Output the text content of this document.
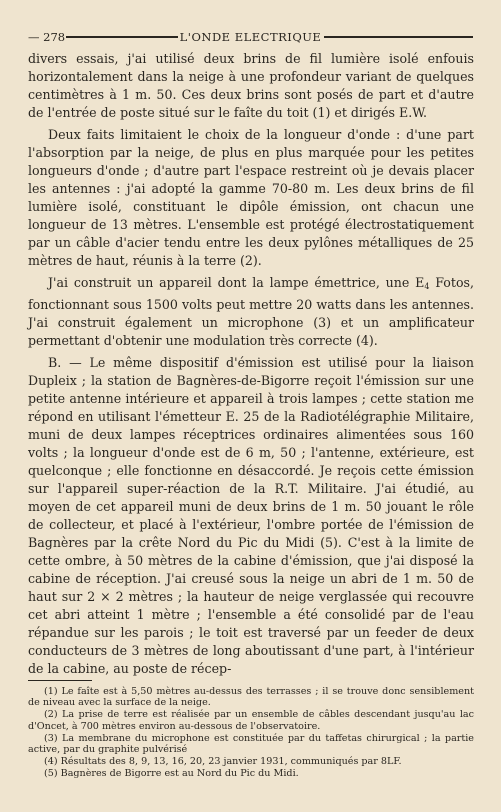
— 278	L'ONDE ELECTRIQUE

divers essais, j'ai utilisé deux brins de fil lumière isolé enfouis horizontalement dans la neige à une profondeur variant de quelques centimètres à 1 m. 50. Ces deux brins sont posés de part et d'autre de l'entrée de poste situé sur le faîte du toit (1) et dirigés E.W.

Deux faits limitaient le choix de la longueur d'onde : d'une part l'absorption par la neige, de plus en plus marquée pour les petites longueurs d'onde ; d'autre part l'espace restreint où je devais placer les antennes : j'ai adopté la gamme 70-80 m. Les deux brins de fil lumière isolé, constituant le dipôle émission, ont chacun une longueur de 13 mètres. L'ensemble est protégé électrostatiquement par un câble d'acier tendu entre les deux pylônes métalliques de 25 mètres de haut, réunis à la terre (2).

J'ai construit un appareil dont la lampe émettrice, une $E_4$ Fotos, fonctionnant sous 1500 volts peut mettre 20 watts dans les antennes. J'ai construit également un microphone (3) et un amplificateur permettant d'obtenir une modulation très correcte (4).

B. — Le même dispositif d'émission est utilisé pour la liaison Dupleix ; la station de Bagnères-de-Bigorre reçoit l'émission sur une petite antenne intérieure et appareil à trois lampes ; cette station me répond en utilisant l'émetteur E. 25 de la Radiotélégraphie Militaire, muni de deux lampes réceptrices ordinaires alimentées sous 160 volts ; la longueur d'onde est de 6 m, 50 ; l'antenne, extérieure, est quelconque ; elle fonctionne en désaccordé. Je reçois cette émission sur l'appareil super-réaction de la R.T. Militaire. J'ai étudié, au moyen de cet appareil muni de deux brins de 1 m. 50 jouant le rôle de collecteur, et placé à l'extérieur, l'ombre portée de l'émission de Bagnères par la crête Nord du Pic du Midi (5). C'est à la limite de cette ombre, à 50 mètres de la cabine d'émission, que j'ai disposé la cabine de réception. J'ai creusé sous la neige un abri de 1 m. 50 de haut sur 2 × 2 mètres ; la hauteur de neige verglassée qui recouvre cet abri atteint 1 mètre ; l'ensemble a été consolidé par de l'eau répandue sur les parois ; le toit est traversé par un feeder de deux conducteurs de 3 mètres de long aboutissant d'une part, à l'intérieur de la cabine, au poste de récep-

(1) Le faîte est à 5,50 mètres au-dessus des terrasses ; il se trouve donc sensiblement de niveau avec la surface de la neige.

(2) La prise de terre est réalisée par un ensemble de câbles descendant jusqu'au lac d'Oncet, à 700 mètres environ au-dessous de l'observatoire.

(3) La membrane du microphone est constituée par du taffetas chirurgical ; la partie active, par du graphite pulvérisé

(4) Résultats des 8, 9, 13, 16, 20, 23 janvier 1931, communiqués par 8LF.

(5) Bagnères de Bigorre est au Nord du Pic du Midi.
